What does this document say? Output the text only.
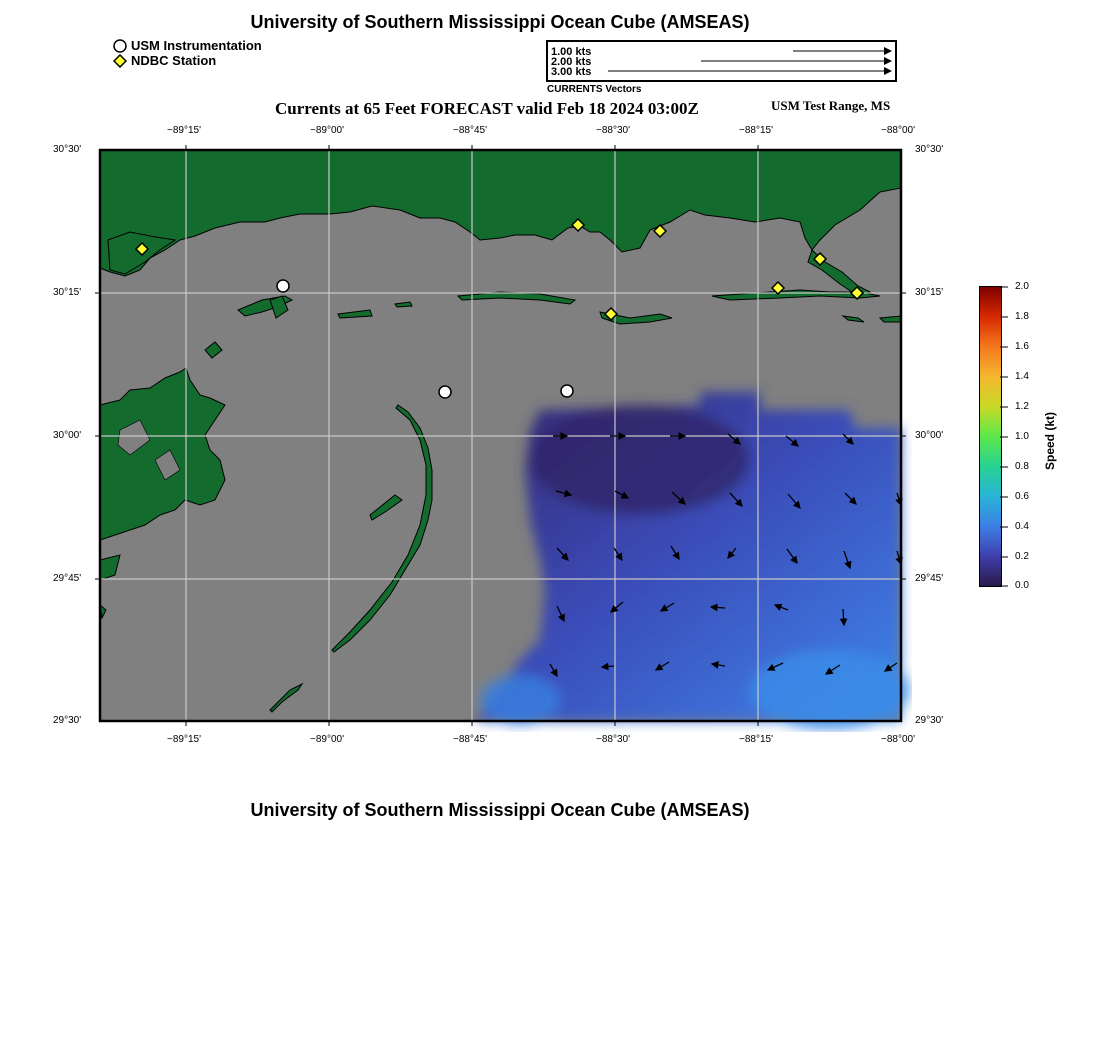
University of Southern Mississippi Ocean Cube (AMSEAS)
USM Instrumentation
NDBC Station
1.00 kts
2.00 kts
3.00 kts
CURRENTS Vectors
Currents at 65 Feet FORECAST valid Feb 18 2024 03:00Z	USM Test Range, MS
−89°15'	−89°00'	−88°45'	−88°30'	−88°15'	−88°00'
−89°15'	−89°00'	−88°45'	−88°30'	−88°15'	−88°00'
30°30'
30°15'
30°00'
29°45'
29°30'
30°30'
30°15'
30°00'
29°45'
29°30'
2.0
1.8
1.6
1.4
1.2
1.0
0.8
0.6
0.4
0.2
0.0
Speed (kt)
University of Southern Mississippi Ocean Cube (AMSEAS)
